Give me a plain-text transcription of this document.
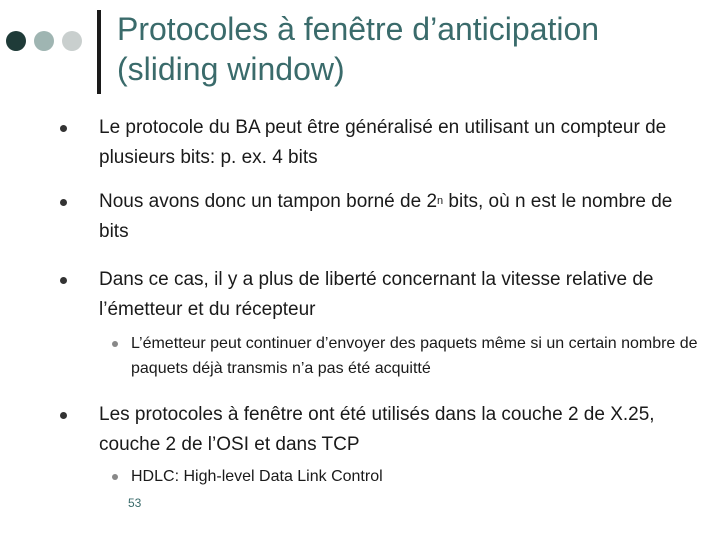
Protocoles à fenêtre d’anticipation (sliding window)
Le protocole du BA peut être généralisé en utilisant un compteur de plusieurs bits: p. ex. 4 bits
Nous avons donc un tampon borné de 2$^n$ bits, où n est le nombre de bits
Dans ce cas, il y a plus de liberté concernant la vitesse relative de l’émetteur et du récepteur
L’émetteur peut continuer d’envoyer des paquets même si un certain nombre de paquets déjà transmis n’a pas été acquitté
Les protocoles à fenêtre ont été utilisés dans la couche 2 de X.25, couche 2 de l’OSI et dans TCP
HDLC: High-level Data Link Control
53
